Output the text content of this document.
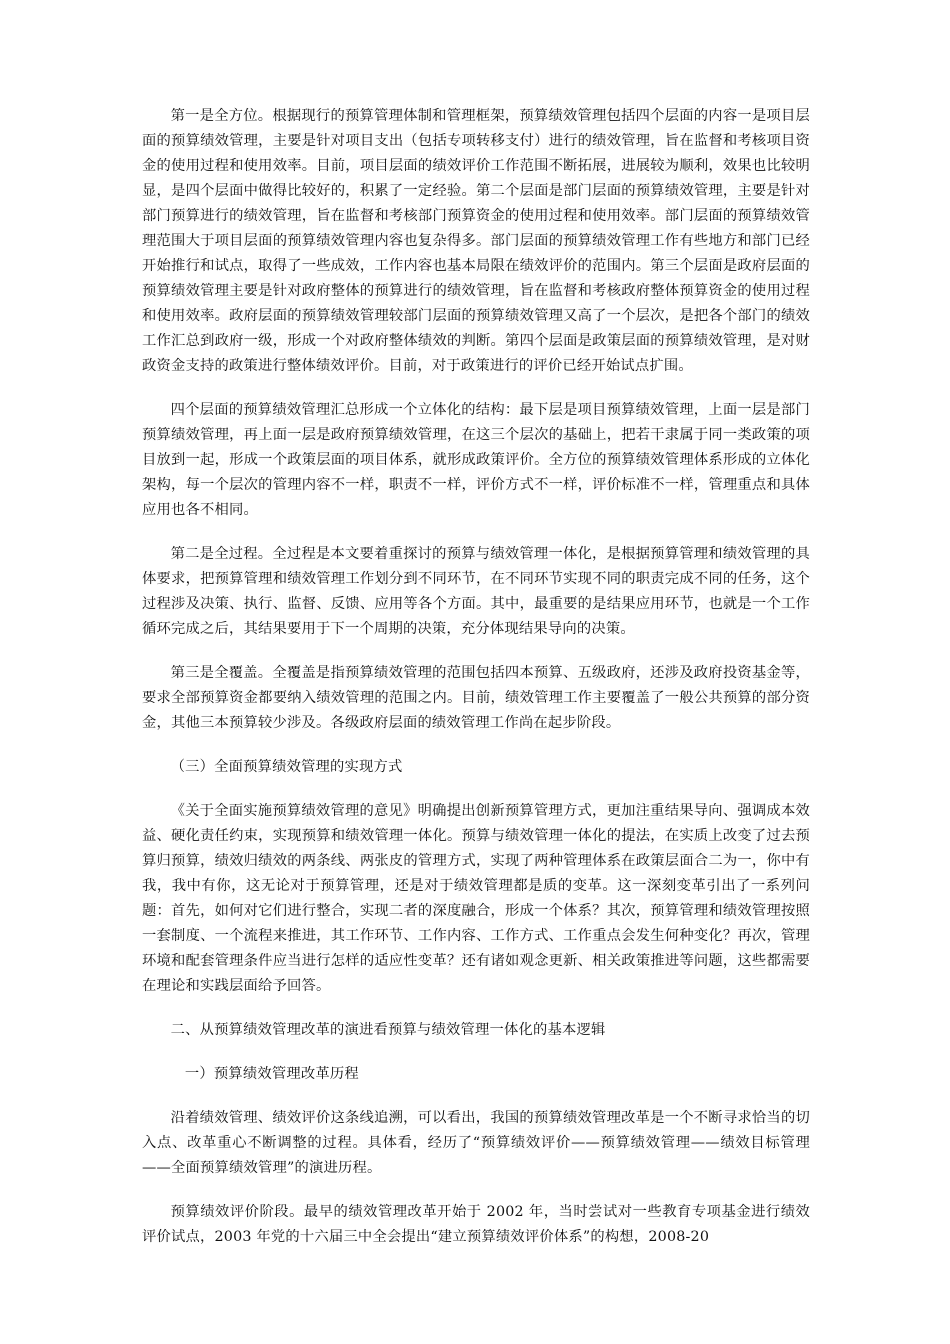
第一是全方位。根据现行的预算管理体制和管理框架，预算绩效管理包括四个层面的内容一是项目层面的预算绩效管理，主要是针对项目支出（包括专项转移支付）进行的绩效管理，旨在监督和考核项目资金的使用过程和使用效率。目前，项目层面的绩效评价工作范围不断拓展，进展较为顺利，效果也比较明显，是四个层面中做得比较好的，积累了一定经验。第二个层面是部门层面的预算绩效管理，主要是针对部门预算进行的绩效管理，旨在监督和考核部门预算资金的使用过程和使用效率。部门层面的预算绩效管理范围大于项目层面的预算绩效管理内容也复杂得多。部门层面的预算绩效管理工作有些地方和部门已经开始推行和试点，取得了一些成效，工作内容也基本局限在绩效评价的范围内。第三个层面是政府层面的预算绩效管理主要是针对政府整体的预算进行的绩效管理，旨在监督和考核政府整体预算资金的使用过程和使用效率。政府层面的预算绩效管理较部门层面的预算绩效管理又高了一个层次，是把各个部门的绩效工作汇总到政府一级，形成一个对政府整体绩效的判断。第四个层面是政策层面的预算绩效管理，是对财政资金支持的政策进行整体绩效评价。目前，对于政策进行的评价已经开始试点扩围。

四个层面的预算绩效管理汇总形成一个立体化的结构：最下层是项目预算绩效管理，上面一层是部门预算绩效管理，再上面一层是政府预算绩效管理，在这三个层次的基础上，把若干隶属于同一类政策的项目放到一起，形成一个政策层面的项目体系，就形成政策评价。全方位的预算绩效管理体系形成的立体化架构，每一个层次的管理内容不一样，职责不一样，评价方式不一样，评价标准不一样，管理重点和具体应用也各不相同。

第二是全过程。全过程是本文要着重探讨的预算与绩效管理一体化，是根据预算管理和绩效管理的具体要求，把预算管理和绩效管理工作划分到不同环节，在不同环节实现不同的职责完成不同的任务，这个过程涉及决策、执行、监督、反馈、应用等各个方面。其中，最重要的是结果应用环节，也就是一个工作循环完成之后，其结果要用于下一个周期的决策，充分体现结果导向的决策。

第三是全覆盖。全覆盖是指预算绩效管理的范围包括四本预算、五级政府，还涉及政府投资基金等，要求全部预算资金都要纳入绩效管理的范围之内。目前，绩效管理工作主要覆盖了一般公共预算的部分资金，其他三本预算较少涉及。各级政府层面的绩效管理工作尚在起步阶段。

（三）全面预算绩效管理的实现方式

《关于全面实施预算绩效管理的意见》明确提出创新预算管理方式，更加注重结果导向、强调成本效益、硬化责任约束，实现预算和绩效管理一体化。预算与绩效管理一体化的提法，在实质上改变了过去预算归预算，绩效归绩效的两条线、两张皮的管理方式，实现了两种管理体系在政策层面合二为一，你中有我，我中有你，这无论对于预算管理，还是对于绩效管理都是质的变革。这一深刻变革引出了一系列问题：首先，如何对它们进行整合，实现二者的深度融合，形成一个体系？其次，预算管理和绩效管理按照一套制度、一个流程来推进，其工作环节、工作内容、工作方式、工作重点会发生何种变化？再次，管理环境和配套管理条件应当进行怎样的适应性变革？还有诸如观念更新、相关政策推进等问题，这些都需要在理论和实践层面给予回答。

二、从预算绩效管理改革的演进看预算与绩效管理一体化的基本逻辑

一）预算绩效管理改革历程

沿着绩效管理、绩效评价这条线追溯，可以看出，我国的预算绩效管理改革是一个不断寻求恰当的切入点、改革重心不断调整的过程。具体看，经历了“预算绩效评价——预算绩效管理——绩效目标管理——全面预算绩效管理”的演进历程。

预算绩效评价阶段。最早的绩效管理改革开始于 2002 年，当时尝试对一些教育专项基金进行绩效评价试点，2003 年党的十六届三中全会提出“建立预算绩效评价体系”的构想，2008-20
